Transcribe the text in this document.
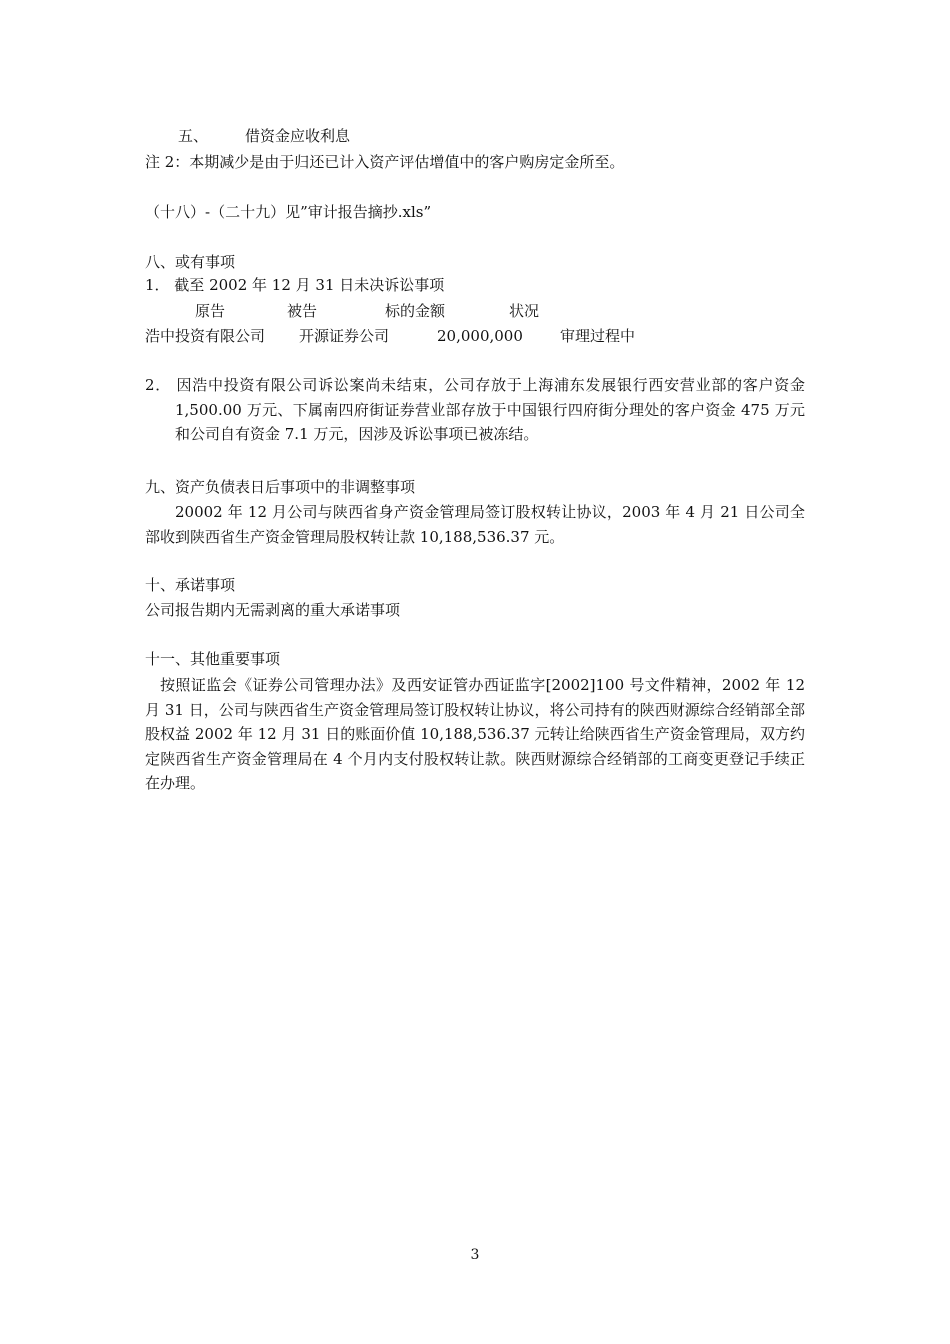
五、 借资金应收利息
注 2：本期减少是由于归还已计入资产评估增值中的客户购房定金所至。
（十八）-（二十九）见”审计报告摘抄.xls”
八、或有事项
1． 截至 2002 年 12 月 31 日未决诉讼事项
原告	被告	标的金额	状况
浩中投资有限公司 开源证券公司	20,000,000 审理过程中
2． 因浩中投资有限公司诉讼案尚未结束，公司存放于上海浦东发展银行西安营业部的客户资金 1,500.00 万元、下属南四府街证券营业部存放于中国银行四府街分理处的客户资金 475 万元和公司自有资金 7.1 万元，因涉及诉讼事项已被冻结。
九、资产负债表日后事项中的非调整事项
20002 年 12 月公司与陕西省身产资金管理局签订股权转让协议，2003 年 4 月 21 日公司全部收到陕西省生产资金管理局股权转让款 10,188,536.37 元。
十、承诺事项
公司报告期内无需剥离的重大承诺事项
十一、其他重要事项
按照证监会《证券公司管理办法》及西安证管办西证监字[2002]100 号文件精神，2002 年 12 月 31 日，公司与陕西省生产资金管理局签订股权转让协议，将公司持有的陕西财源综合经销部全部股权益 2002 年 12 月 31 日的账面价值 10,188,536.37 元转让给陕西省生产资金管理局，双方约定陕西省生产资金管理局在 4 个月内支付股权转让款。陕西财源综合经销部的工商变更登记手续正在办理。
3
